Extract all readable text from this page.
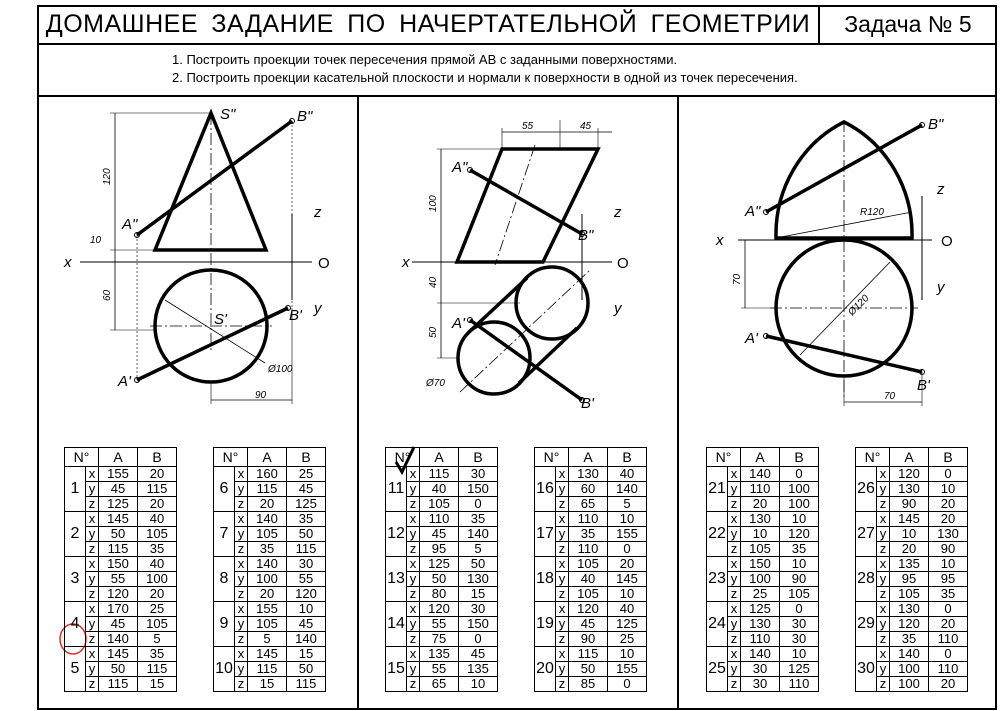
ДОМАШНЕЕ ЗАДАНИЕ ПО НАЧЕРТАТЕЛЬНОЙ ГЕОМЕТРИИ	Задача № 5
1. Построить проекции точек пересечения прямой АВ с заданными поверхностями.
2. Построить проекции касательной плоскости и нормали к поверхности в одной из точек пересечения.
S"	B"
A"
S'	B'
A'
x
z
y
O
120
10
60
90
Ø100
A"
B"
A'
B'
x
z
y
O
55	45
100
40
50
Ø70
B"
A"
A'
B'
x
z
y
O
R120
70
Ø120
70
N°		A	B
1	x	155	20
	y	45	115
	z	125	20
2	x	145	40
	y	50	105
	z	115	35
3	x	150	40
	y	55	100
	z	120	20
4	x	170	25
	y	45	105
	z	140	5
5	x	145	35
	y	50	115
	z	115	15
N°		A	B
6	x	160	25
	y	115	45
	z	20	125
7	x	140	35
	y	105	50
	z	35	115
8	x	140	30
	y	100	55
	z	20	120
9	x	155	10
	y	105	45
	z	5	140
10	x	145	15
	y	115	50
	z	15	115
N°		A	B
11	x	115	30
	y	40	150
	z	105	0
12	x	110	35
	y	45	140
	z	95	5
13	x	125	50
	y	50	130
	z	80	15
14	x	120	30
	y	55	150
	z	75	0
15	x	135	45
	y	55	135
	z	65	10
N°		A	B
16	x	130	40
	y	60	140
	z	65	5
17	x	110	10
	y	35	155
	z	110	0
18	x	105	20
	y	40	145
	z	105	10
19	x	120	40
	y	45	125
	z	90	25
20	x	115	10
	y	50	155
	z	85	0
N°		A	B
21	x	140	0
	y	110	100
	z	20	100
22	x	130	10
	y	10	120
	z	105	35
23	x	150	10
	y	100	90
	z	25	105
24	x	125	0
	y	130	30
	z	110	30
25	x	140	10
	y	30	125
	z	30	110
N°		A	B
26	x	120	0
	y	130	10
	z	90	20
27	x	145	20
	y	10	130
	z	20	90
28	x	135	10
	y	95	95
	z	105	35
29	x	130	0
	y	120	20
	z	35	110
30	x	140	0
	y	100	110
	z	100	20
